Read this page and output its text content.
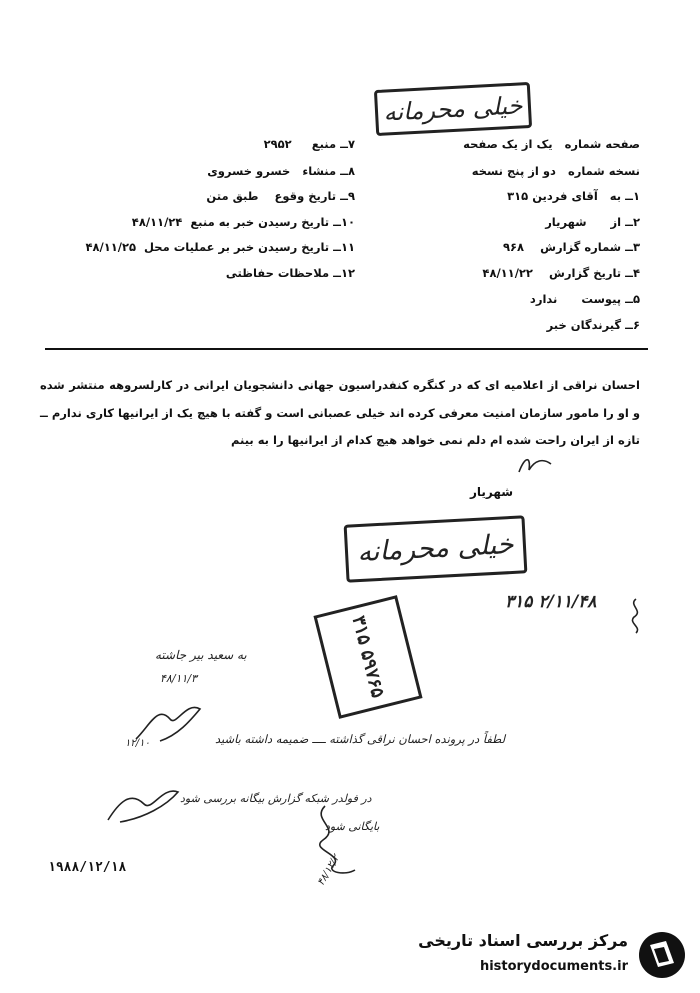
خیلی محرمانه
صفحه شماره   یک از یک صفحه
نسخه شماره   دو از پنج نسخه
۱ــ به   آقای فردین ۳۱۵
۲ــ از      شهریار
۳ــ شماره گزارش    ۹۶۸
۴ــ تاریخ گزارش    ۴۸/۱۱/۲۲
۵ــ پیوست      ندارد
۶ــ گیرندگان خبر
۷ــ منبع     ۲۹۵۲
۸ــ منشاء   خسرو خسروی
۹ــ تاریخ وقوع    طبق متن
۱۰ــ تاریخ رسیدن خبر به منبع  ۴۸/۱۱/۲۴
۱۱ــ تاریخ رسیدن خبر بر عملیات محل  ۴۸/۱۱/۲۵
۱۲ــ ملاحظات حفاظتی
احسان نراقی از اعلامیه ای که در کنگره کنفدراسیون جهانی دانشجویان ایرانی در کارلسروهه منتشر شده و او را مامور سازمان امنیت معرفی کرده اند خیلی عصبانی است و گفته با هیچ یک از ایرانیها کاری ندارم ــ تازه از ایران راحت شده ام دلم نمی خواهد هیچ کدام از ایرانیها را به بینم
شهریار
خیلی محرمانه
۲/۱۱/۴۸ ۳۱۵
۳۱۵ ۵۹۷۶۵
به سعید بیر جاشته
۴۸/۱۱/۳
۱۲/۱۰	لطفاً در پرونده احسان نراقی گذاشته ــــ ضمیمه داشته باشید
در فولدر شبکه گزارش بیگانه بررسی شود
بایگانی شود
۴۸/۱۲/۲
۱۹۸۸/۱۲/۱۸
مرکز بررسی اسناد تاریخی
historydocuments.ir
